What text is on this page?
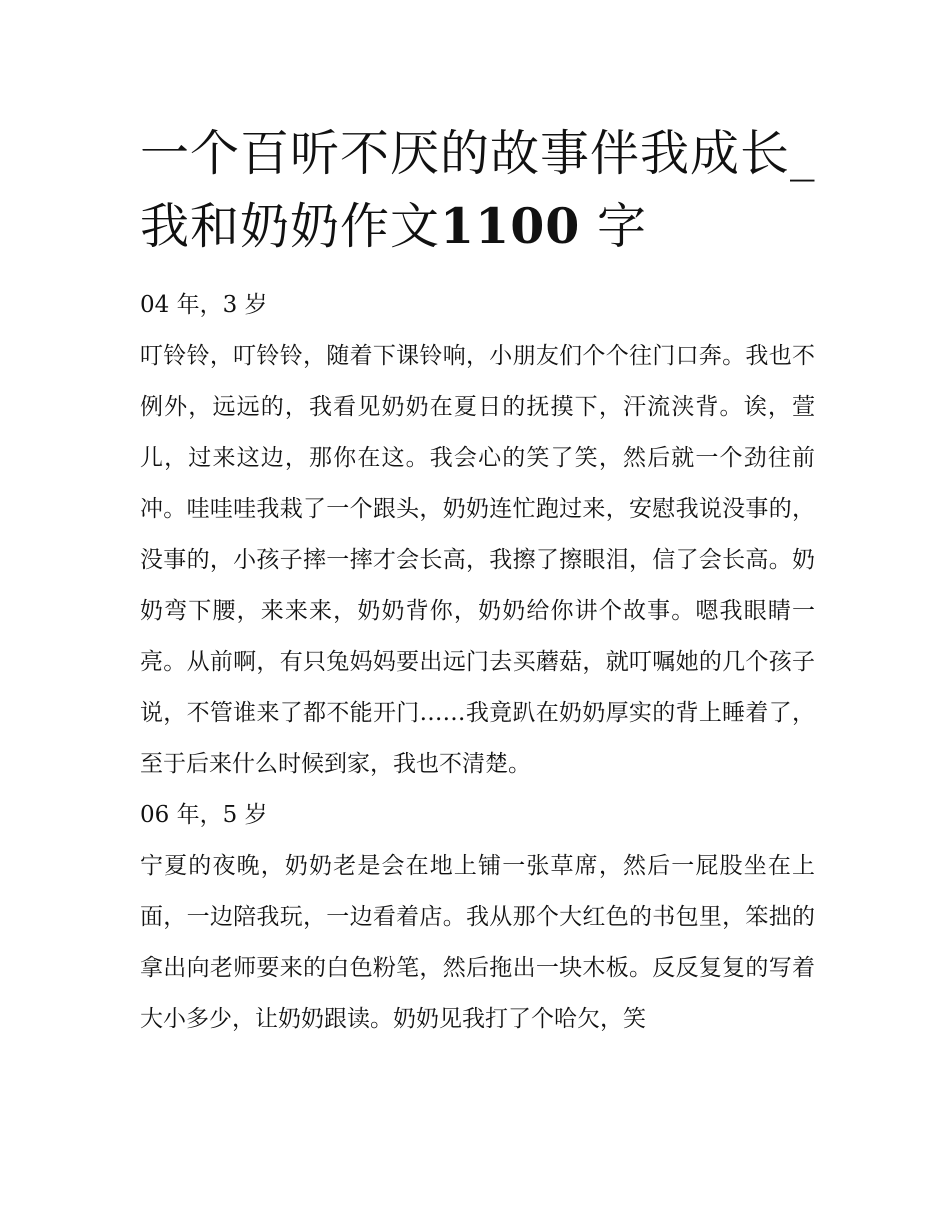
一个百听不厌的故事伴我成长_我和奶奶作文1100 字

04 年，3 岁

叮铃铃，叮铃铃，随着下课铃响，小朋友们个个往门口奔。我也不例外，远远的，我看见奶奶在夏日的抚摸下，汗流浃背。诶，萱儿，过来这边，那你在这。我会心的笑了笑，然后就一个劲往前冲。哇哇哇我栽了一个跟头，奶奶连忙跑过来，安慰我说没事的，没事的，小孩子摔一摔才会长高，我擦了擦眼泪，信了会长高。奶奶弯下腰，来来来，奶奶背你，奶奶给你讲个故事。嗯我眼睛一亮。从前啊，有只兔妈妈要出远门去买蘑菇，就叮嘱她的几个孩子说，不管谁来了都不能开门……我竟趴在奶奶厚实的背上睡着了，至于后来什么时候到家，我也不清楚。

06 年，5 岁

宁夏的夜晚，奶奶老是会在地上铺一张草席，然后一屁股坐在上面，一边陪我玩，一边看着店。我从那个大红色的书包里，笨拙的拿出向老师要来的白色粉笔，然后拖出一块木板。反反复复的写着大小多少，让奶奶跟读。奶奶见我打了个哈欠，笑
